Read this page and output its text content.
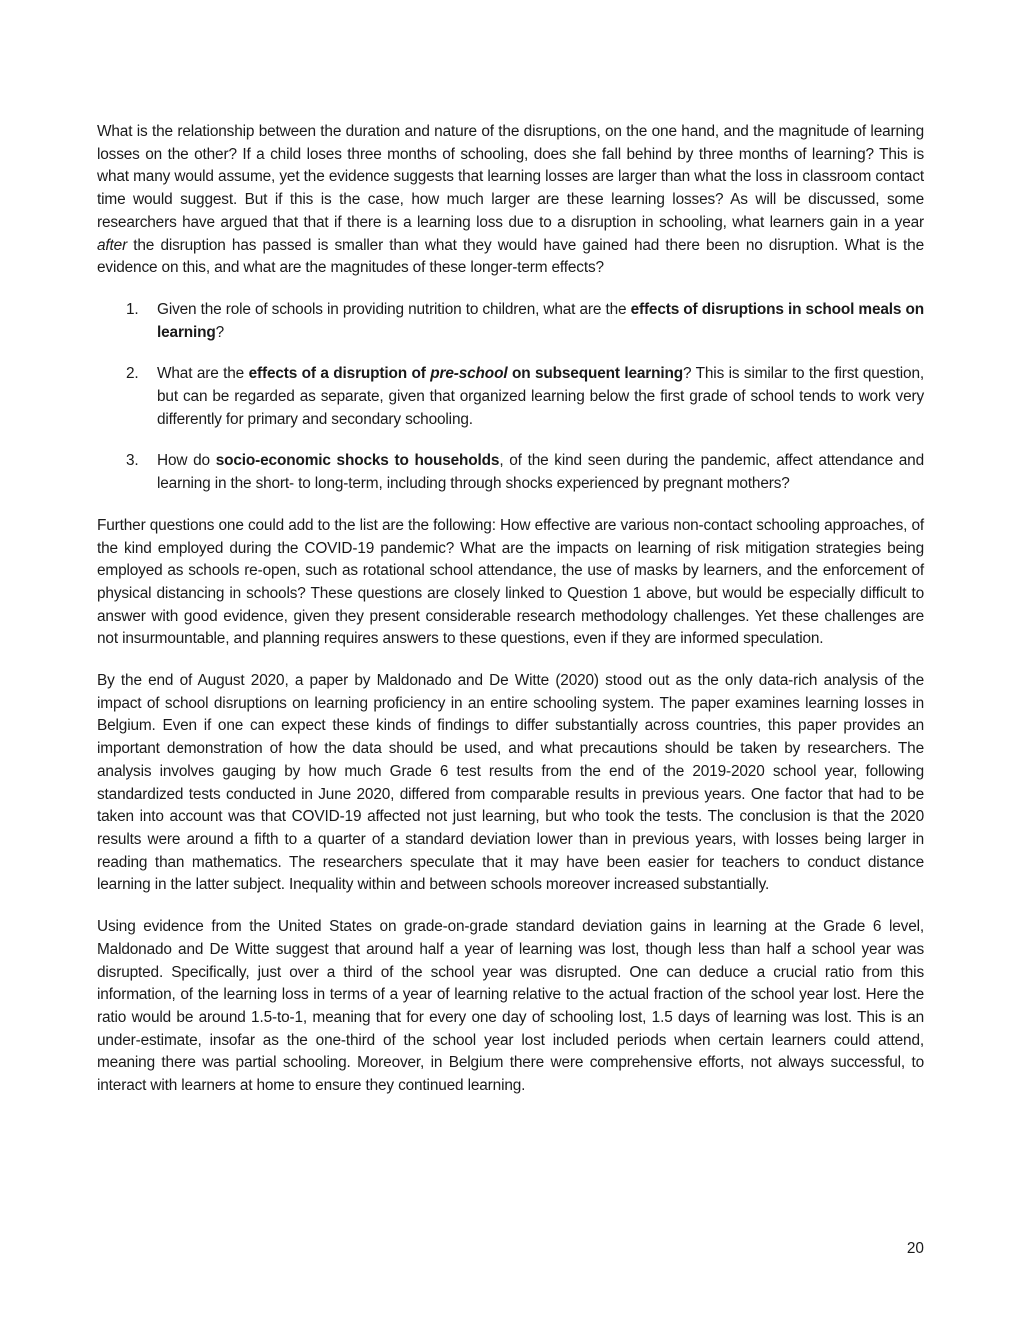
What is the relationship between the duration and nature of the disruptions, on the one hand, and the magnitude of learning losses on the other? If a child loses three months of schooling, does she fall behind by three months of learning? This is what many would assume, yet the evidence suggests that learning losses are larger than what the loss in classroom contact time would suggest. But if this is the case, how much larger are these learning losses? As will be discussed, some researchers have argued that that if there is a learning loss due to a disruption in schooling, what learners gain in a year after the disruption has passed is smaller than what they would have gained had there been no disruption. What is the evidence on this, and what are the magnitudes of these longer-term effects?

1. Given the role of schools in providing nutrition to children, what are the effects of disruptions in school meals on learning?
2. What are the effects of a disruption of pre-school on subsequent learning? This is similar to the first question, but can be regarded as separate, given that organized learning below the first grade of school tends to work very differently for primary and secondary schooling.
3. How do socio-economic shocks to households, of the kind seen during the pandemic, affect attendance and learning in the short- to long-term, including through shocks experienced by pregnant mothers?

Further questions one could add to the list are the following: How effective are various non-contact schooling approaches, of the kind employed during the COVID-19 pandemic? What are the impacts on learning of risk mitigation strategies being employed as schools re-open, such as rotational school attendance, the use of masks by learners, and the enforcement of physical distancing in schools? These questions are closely linked to Question 1 above, but would be especially difficult to answer with good evidence, given they present considerable research methodology challenges. Yet these challenges are not insurmountable, and planning requires answers to these questions, even if they are informed speculation.

By the end of August 2020, a paper by Maldonado and De Witte (2020) stood out as the only data-rich analysis of the impact of school disruptions on learning proficiency in an entire schooling system. The paper examines learning losses in Belgium. Even if one can expect these kinds of findings to differ substantially across countries, this paper provides an important demonstration of how the data should be used, and what precautions should be taken by researchers. The analysis involves gauging by how much Grade 6 test results from the end of the 2019-2020 school year, following standardized tests conducted in June 2020, differed from comparable results in previous years. One factor that had to be taken into account was that COVID-19 affected not just learning, but who took the tests. The conclusion is that the 2020 results were around a fifth to a quarter of a standard deviation lower than in previous years, with losses being larger in reading than mathematics. The researchers speculate that it may have been easier for teachers to conduct distance learning in the latter subject. Inequality within and between schools moreover increased substantially.

Using evidence from the United States on grade-on-grade standard deviation gains in learning at the Grade 6 level, Maldonado and De Witte suggest that around half a year of learning was lost, though less than half a school year was disrupted. Specifically, just over a third of the school year was disrupted. One can deduce a crucial ratio from this information, of the learning loss in terms of a year of learning relative to the actual fraction of the school year lost. Here the ratio would be around 1.5-to-1, meaning that for every one day of schooling lost, 1.5 days of learning was lost. This is an under-estimate, insofar as the one-third of the school year lost included periods when certain learners could attend, meaning there was partial schooling. Moreover, in Belgium there were comprehensive efforts, not always successful, to interact with learners at home to ensure they continued learning.

20
